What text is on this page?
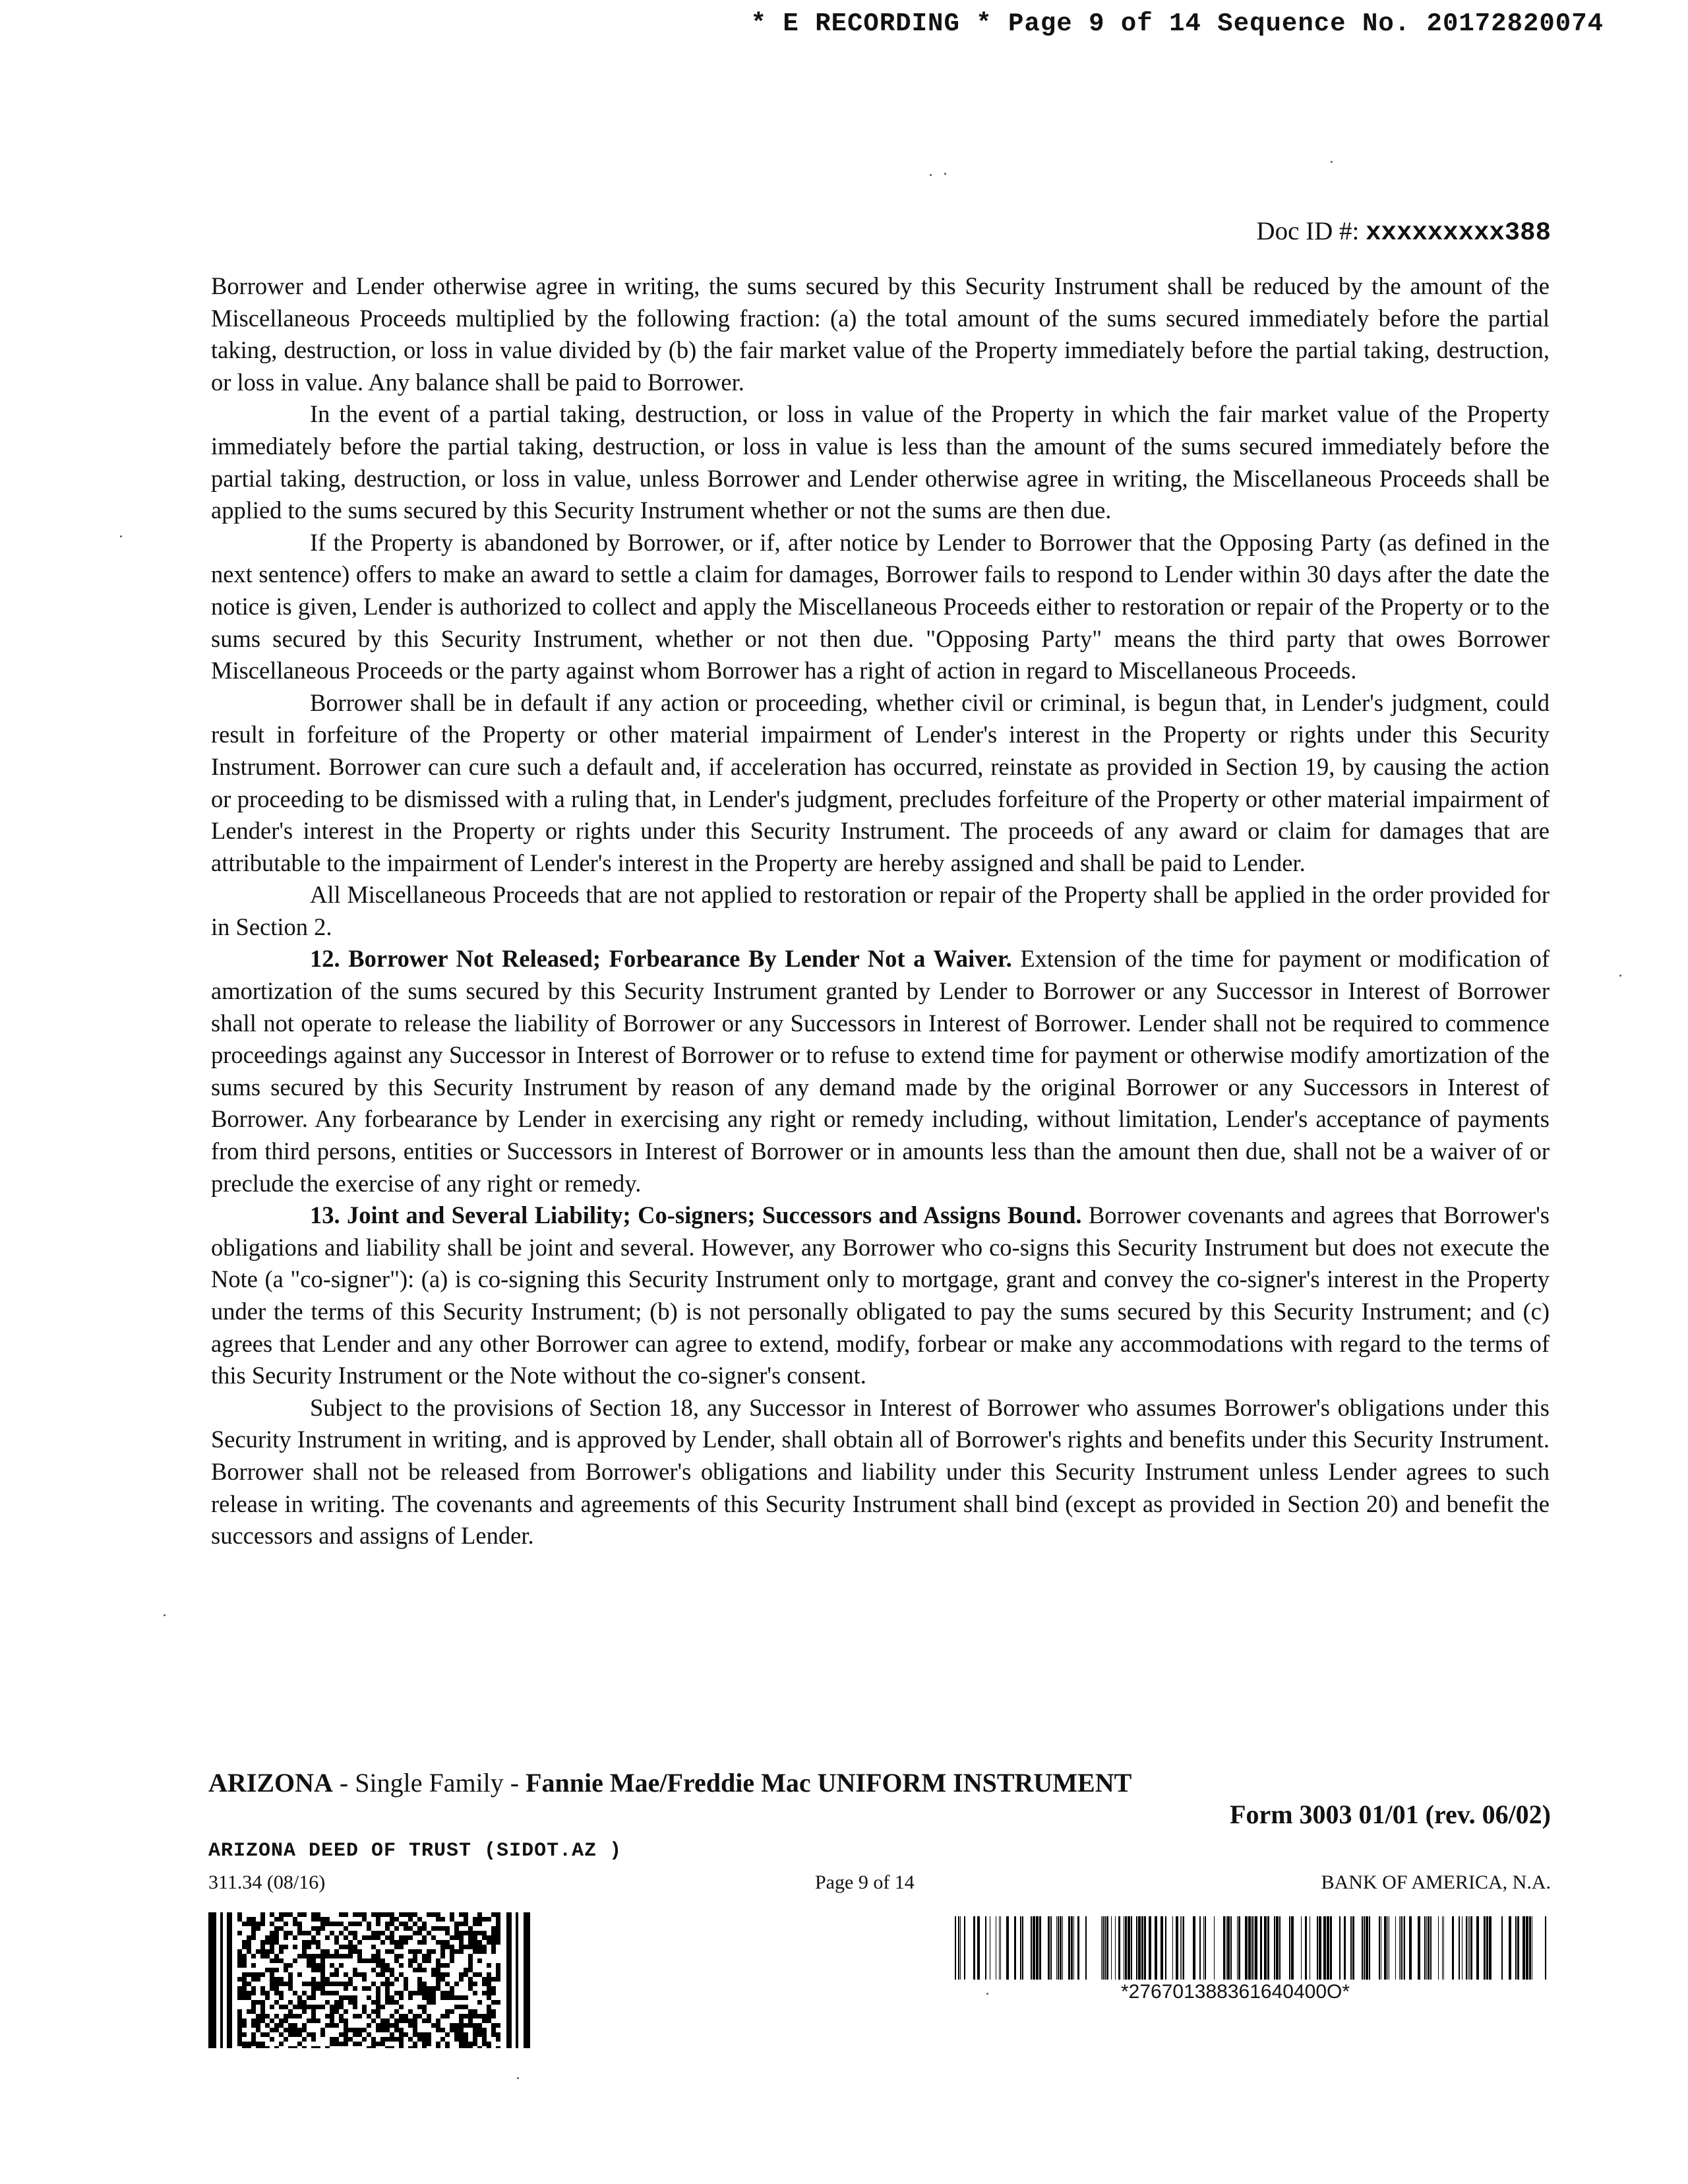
* E RECORDING * Page 9 of 14 Sequence No. 20172820074
Doc ID #: xxxxxxxxx388

Borrower and Lender otherwise agree in writing, the sums secured by this Security Instrument shall be reduced by the amount of the Miscellaneous Proceeds multiplied by the following fraction: (a) the total amount of the sums secured immediately before the partial taking, destruction, or loss in value divided by (b) the fair market value of the Property immediately before the partial taking, destruction, or loss in value. Any balance shall be paid to Borrower.

In the event of a partial taking, destruction, or loss in value of the Property in which the fair market value of the Property immediately before the partial taking, destruction, or loss in value is less than the amount of the sums secured immediately before the partial taking, destruction, or loss in value, unless Borrower and Lender otherwise agree in writing, the Miscellaneous Proceeds shall be applied to the sums secured by this Security Instrument whether or not the sums are then due.

If the Property is abandoned by Borrower, or if, after notice by Lender to Borrower that the Opposing Party (as defined in the next sentence) offers to make an award to settle a claim for damages, Borrower fails to respond to Lender within 30 days after the date the notice is given, Lender is authorized to collect and apply the Miscellaneous Proceeds either to restoration or repair of the Property or to the sums secured by this Security Instrument, whether or not then due. "Opposing Party" means the third party that owes Borrower Miscellaneous Proceeds or the party against whom Borrower has a right of action in regard to Miscellaneous Proceeds.

Borrower shall be in default if any action or proceeding, whether civil or criminal, is begun that, in Lender's judgment, could result in forfeiture of the Property or other material impairment of Lender's interest in the Property or rights under this Security Instrument. Borrower can cure such a default and, if acceleration has occurred, reinstate as provided in Section 19, by causing the action or proceeding to be dismissed with a ruling that, in Lender's judgment, precludes forfeiture of the Property or other material impairment of Lender's interest in the Property or rights under this Security Instrument. The proceeds of any award or claim for damages that are attributable to the impairment of Lender's interest in the Property are hereby assigned and shall be paid to Lender.

All Miscellaneous Proceeds that are not applied to restoration or repair of the Property shall be applied in the order provided for in Section 2.

12. Borrower Not Released; Forbearance By Lender Not a Waiver. Extension of the time for payment or modification of amortization of the sums secured by this Security Instrument granted by Lender to Borrower or any Successor in Interest of Borrower shall not operate to release the liability of Borrower or any Successors in Interest of Borrower. Lender shall not be required to commence proceedings against any Successor in Interest of Borrower or to refuse to extend time for payment or otherwise modify amortization of the sums secured by this Security Instrument by reason of any demand made by the original Borrower or any Successors in Interest of Borrower. Any forbearance by Lender in exercising any right or remedy including, without limitation, Lender's acceptance of payments from third persons, entities or Successors in Interest of Borrower or in amounts less than the amount then due, shall not be a waiver of or preclude the exercise of any right or remedy.

13. Joint and Several Liability; Co-signers; Successors and Assigns Bound. Borrower covenants and agrees that Borrower's obligations and liability shall be joint and several. However, any Borrower who co-signs this Security Instrument but does not execute the Note (a "co-signer"): (a) is co-signing this Security Instrument only to mortgage, grant and convey the co-signer's interest in the Property under the terms of this Security Instrument; (b) is not personally obligated to pay the sums secured by this Security Instrument; and (c) agrees that Lender and any other Borrower can agree to extend, modify, forbear or make any accommodations with regard to the terms of this Security Instrument or the Note without the co-signer's consent.

Subject to the provisions of Section 18, any Successor in Interest of Borrower who assumes Borrower's obligations under this Security Instrument in writing, and is approved by Lender, shall obtain all of Borrower's rights and benefits under this Security Instrument. Borrower shall not be released from Borrower's obligations and liability under this Security Instrument unless Lender agrees to such release in writing. The covenants and agreements of this Security Instrument shall bind (except as provided in Section 20) and benefit the successors and assigns of Lender.

ARIZONA - Single Family - Fannie Mae/Freddie Mac UNIFORM INSTRUMENT
Form 3003 01/01 (rev. 06/02)
ARIZONA DEED OF TRUST (SIDOT.AZ )
311.34 (08/16)	Page 9 of 14	BANK OF AMERICA, N.A.
*276701388361640400O*
